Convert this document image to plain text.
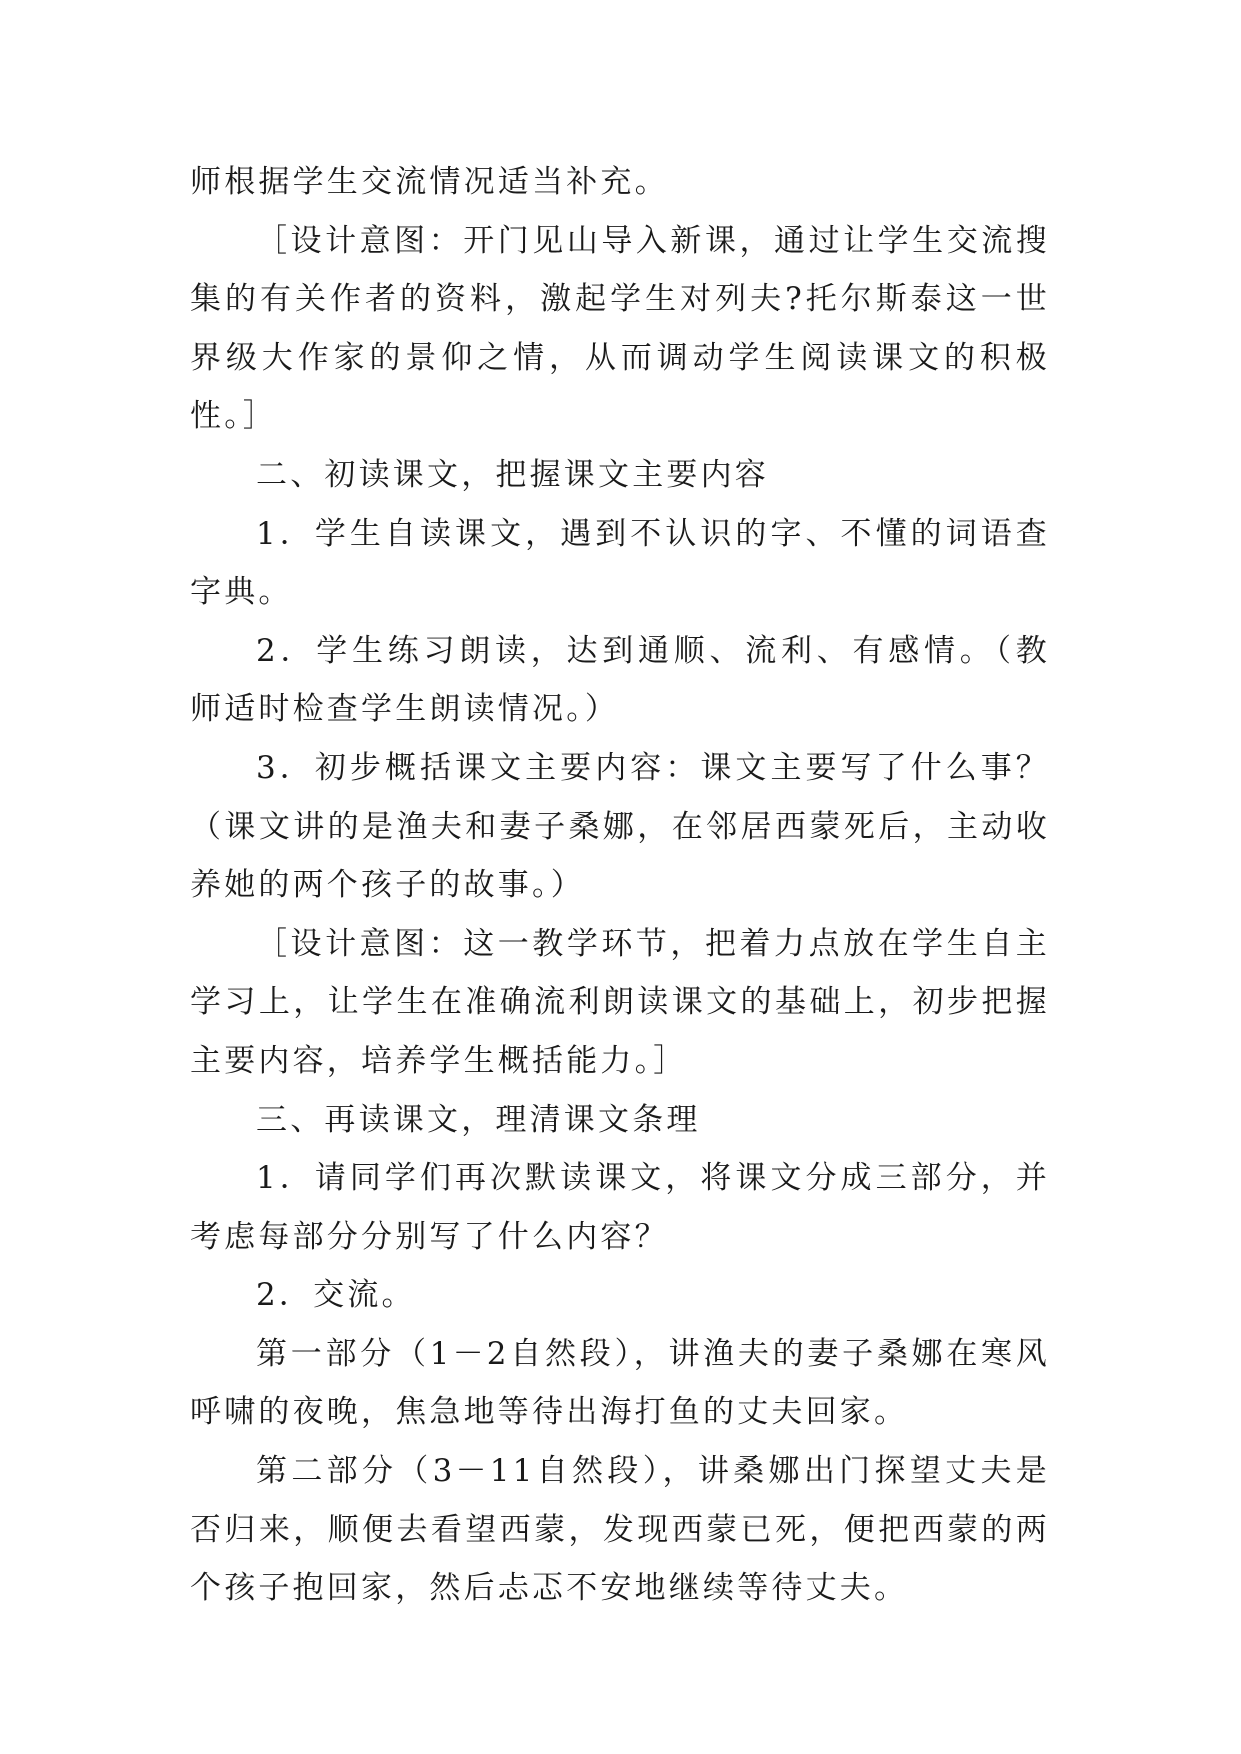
师根据学生交流情况适当补充。

［设计意图：开门见山导入新课，通过让学生交流搜集的有关作者的资料，激起学生对列夫?托尔斯泰这一世界级大作家的景仰之情，从而调动学生阅读课文的积极性。］

二、初读课文，把握课文主要内容

1．学生自读课文，遇到不认识的字、不懂的词语查字典。

2．学生练习朗读，达到通顺、流利、有感情。（教师适时检查学生朗读情况。）

3．初步概括课文主要内容：课文主要写了什么事？（课文讲的是渔夫和妻子桑娜，在邻居西蒙死后，主动收养她的两个孩子的故事。）

［设计意图：这一教学环节，把着力点放在学生自主学习上，让学生在准确流利朗读课文的基础上，初步把握主要内容，培养学生概括能力。］

三、再读课文，理清课文条理

1．请同学们再次默读课文，将课文分成三部分，并考虑每部分分别写了什么内容？

2．交流。

第一部分（1－2自然段），讲渔夫的妻子桑娜在寒风呼啸的夜晚，焦急地等待出海打鱼的丈夫回家。

第二部分（3－11自然段），讲桑娜出门探望丈夫是否归来，顺便去看望西蒙，发现西蒙已死，便把西蒙的两个孩子抱回家，然后忐忑不安地继续等待丈夫。
